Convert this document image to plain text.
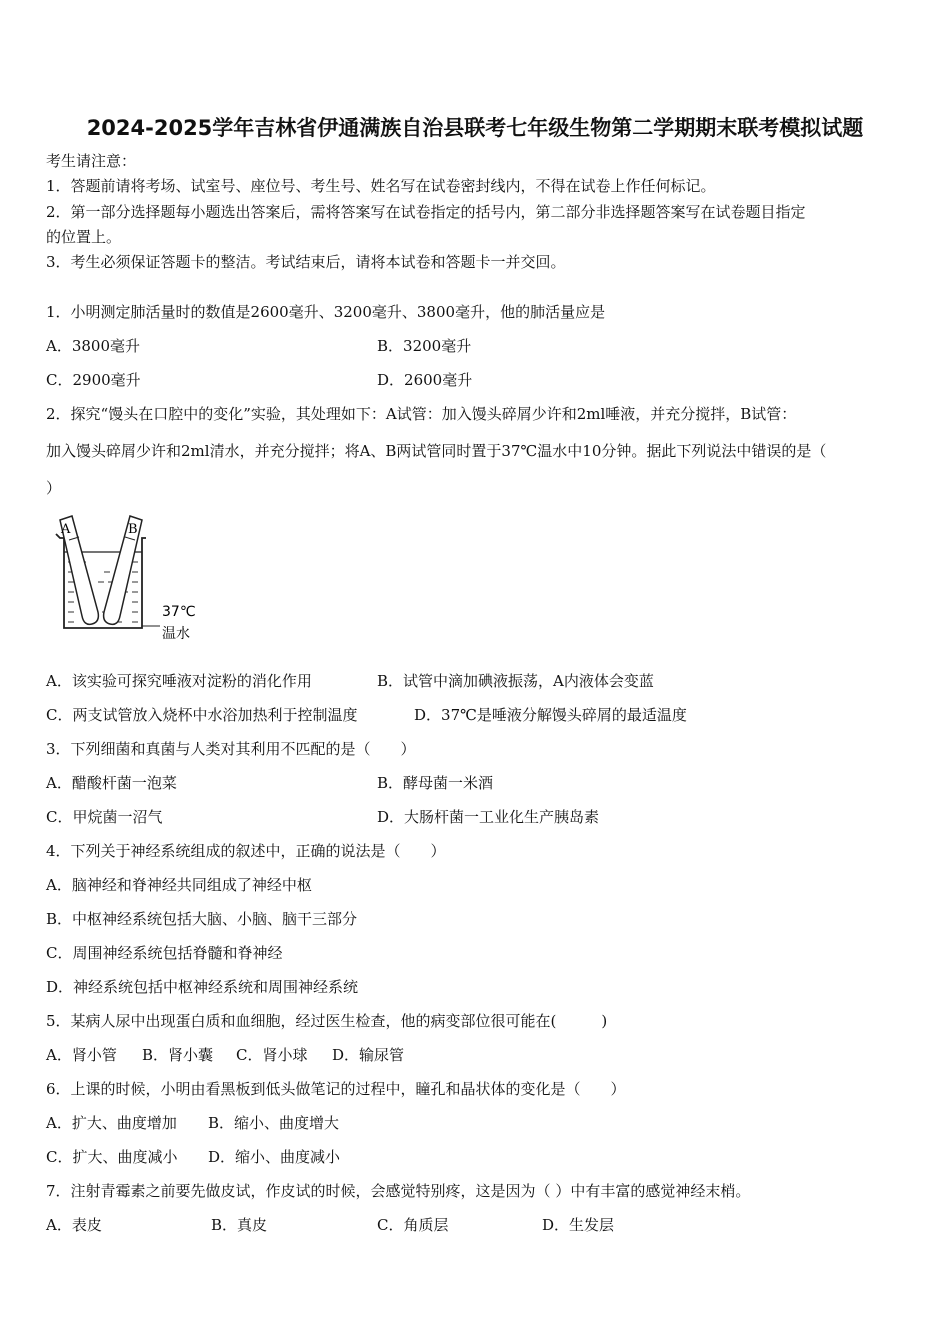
2024-2025学年吉林省伊通满族自治县联考七年级生物第二学期期末联考模拟试题
考生请注意：
1．答题前请将考场、试室号、座位号、考生号、姓名写在试卷密封线内，不得在试卷上作任何标记。
2．第一部分选择题每小题选出答案后，需将答案写在试卷指定的括号内，第二部分非选择题答案写在试卷题目指定
的位置上。
3．考生必须保证答题卡的整洁。考试结束后，请将本试卷和答题卡一并交回。
1．小明测定肺活量时的数值是2600毫升、3200毫升、3800毫升，他的肺活量应是
A．3800毫升	B．3200毫升
C．2900毫升	D．2600毫升
2．探究“馒头在口腔中的变化”实验，其处理如下：A试管：加入馒头碎屑少许和2ml唾液，并充分搅拌，B试管：
加入馒头碎屑少许和2ml清水，并充分搅拌；将A、B两试管同时置于37℃温水中10分钟。据此下列说法中错误的是（
）
A	B
37℃
温水
A．该实验可探究唾液对淀粉的消化作用	B．试管中滴加碘液振荡，A内液体会变蓝
C．两支试管放入烧杯中水浴加热利于控制温度	D．37℃是唾液分解馒头碎屑的最适温度
3．下列细菌和真菌与人类对其利用不匹配的是（　　）
A．醋酸杆菌一泡菜	B．酵母菌一米酒
C．甲烷菌一沼气	D．大肠杆菌一工业化生产胰岛素
4．下列关于神经系统组成的叙述中，正确的说法是（　　）
A．脑神经和脊神经共同组成了神经中枢
B．中枢神经系统包括大脑、小脑、脑干三部分
C．周围神经系统包括脊髓和脊神经
D．神经系统包括中枢神经系统和周围神经系统
5．某病人尿中出现蛋白质和血细胞，经过医生检查，他的病变部位很可能在(　　　)
A．肾小管 B．肾小囊 C．肾小球 D．输尿管
6．上课的时候，小明由看黑板到低头做笔记的过程中，瞳孔和晶状体的变化是（　　）
A．扩大、曲度增加 B．缩小、曲度增大
C．扩大、曲度减小 D．缩小、曲度减小
7．注射青霉素之前要先做皮试，作皮试的时候，会感觉特别疼，这是因为（ ）中有丰富的感觉神经末梢。
A．表皮	B．真皮	C．角质层	D．生发层
